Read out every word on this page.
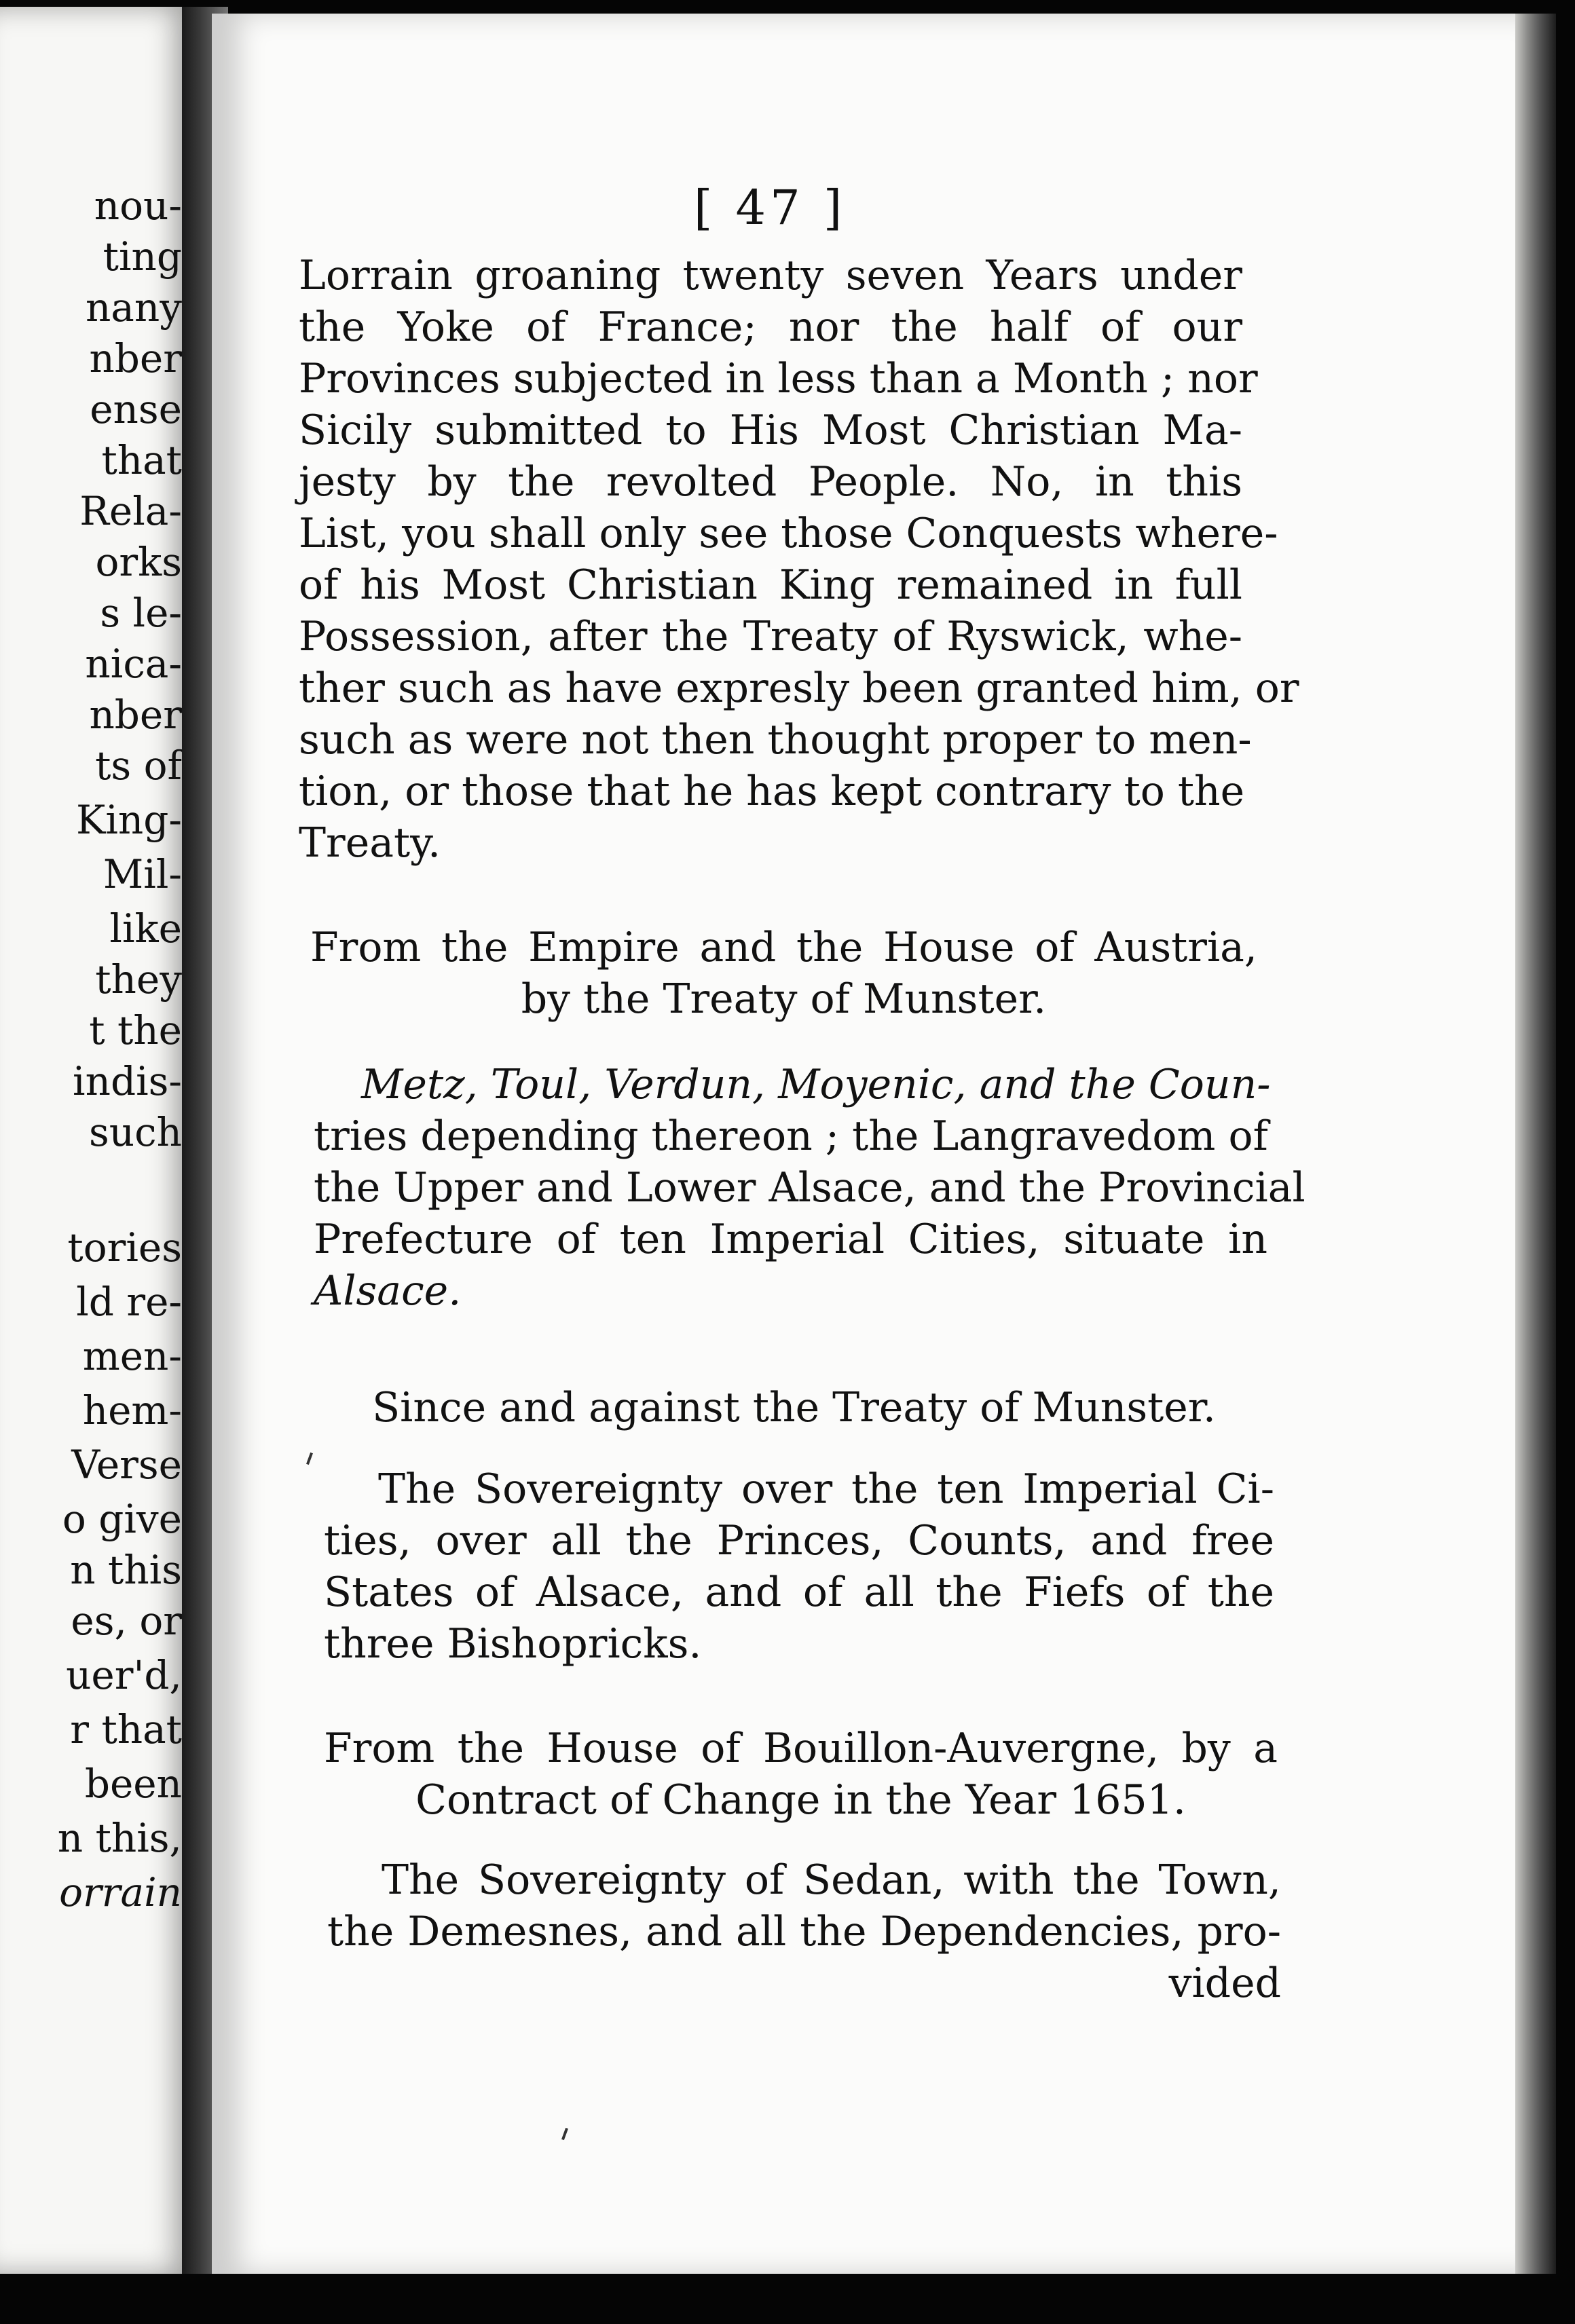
nou-
ting
nany
nber
ense
that
Rela-
orks
s le-
nica-
nber
ts of
King-
Mil-
like
they
t the
indis-
such
tories
ld re-
men-
hem-
Verse
o give
n this
es, or
uer'd,
r that
been
n this,
orrain
[ 47 ]
Lorrain groaning twenty seven Years under
the Yoke of France; nor the half of our
Provinces subjected in less than a Month ; nor
Sicily submitted to His Most Christian Ma-
jesty by the revolted People. No, in this
List, you shall only see those Conquests where-
of his Most Christian King remained in full
Possession, after the Treaty of Ryswick, whe-
ther such as have expresly been granted him, or
such as were not then thought proper to men-
tion, or those that he has kept contrary to the
Treaty.
From the Empire and the House of Austria,
by the Treaty of Munster.
Metz, Toul, Verdun, Moyenic, and the Coun-
tries depending thereon ; the Langravedom of
the Upper and Lower Alsace, and the Provincial
Prefecture of ten Imperial Cities, situate in
Alsace.
Since and against the Treaty of Munster.
The Sovereignty over the ten Imperial Ci-
ties, over all the Princes, Counts, and free
States of Alsace, and of all the Fiefs of the
three Bishopricks.
From the House of Bouillon-Auvergne, by a
Contract of Change in the Year 1651.
The Sovereignty of Sedan, with the Town,
the Demesnes, and all the Dependencies, pro-
vided
